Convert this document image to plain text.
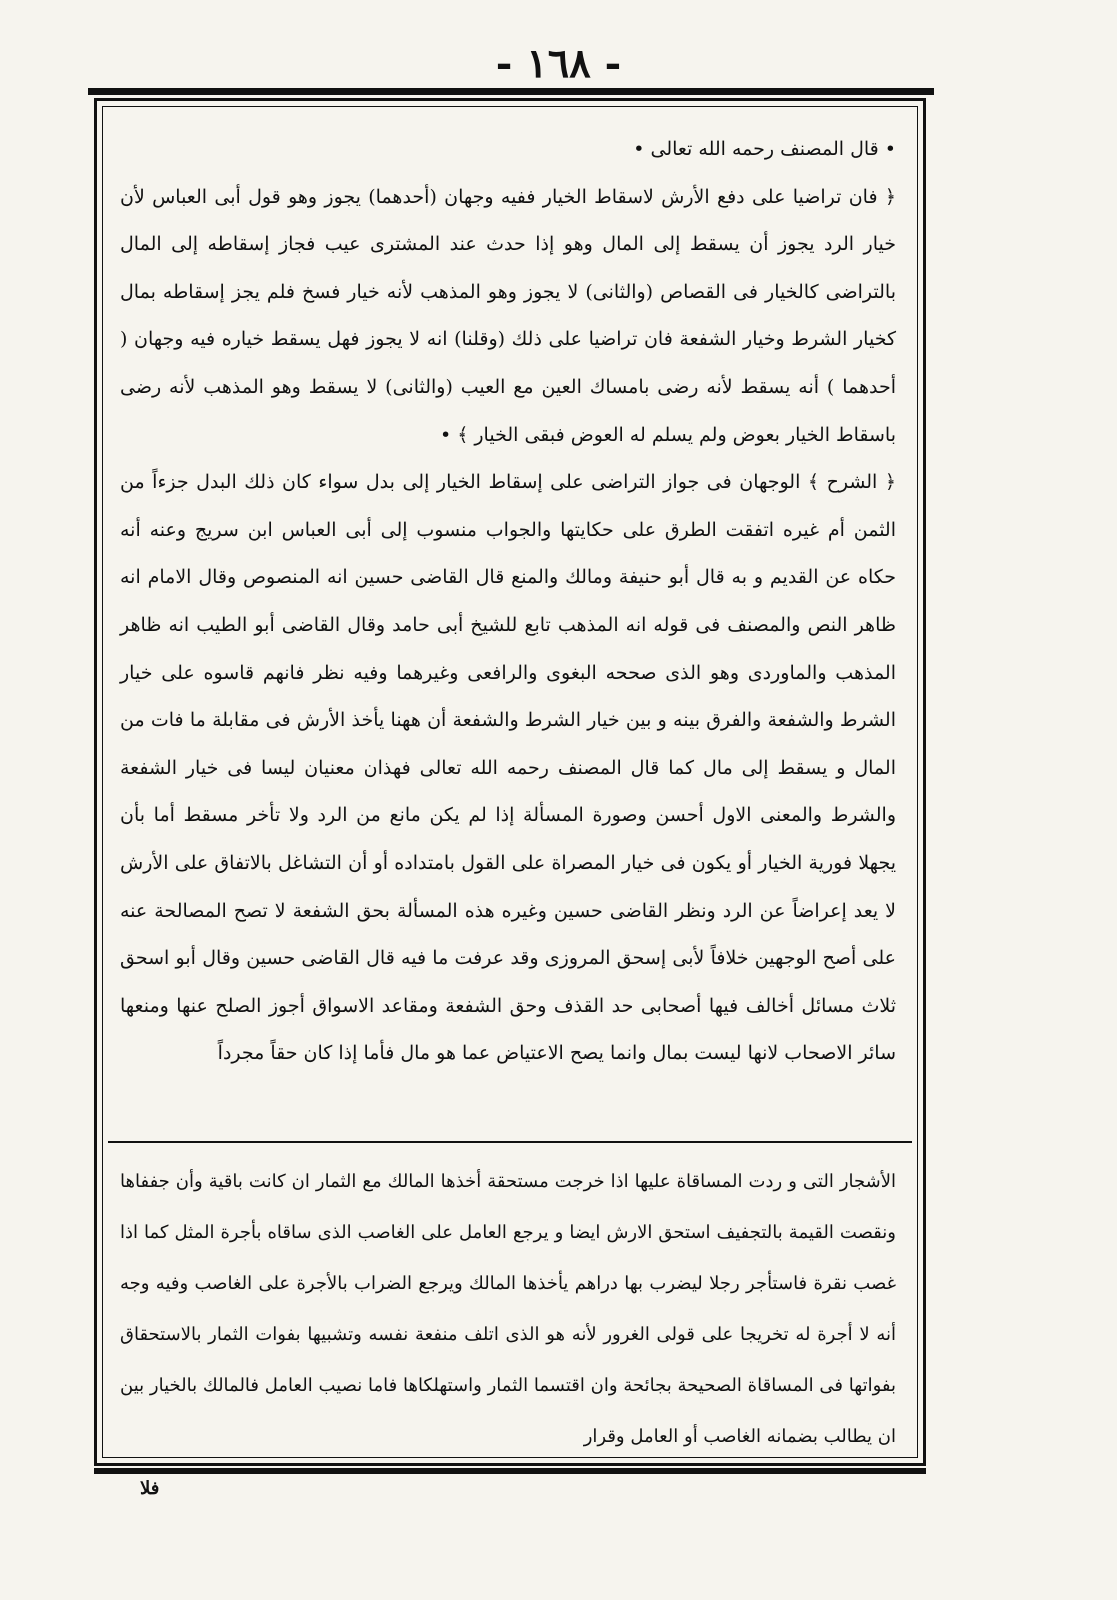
- ١٦٨ -

• قال المصنف رحمه الله تعالى •

﴿ فان تراضيا على دفع الأرش لاسقاط الخيار ففيه وجهان (أحدهما) يجوز وهو قول أبى العباس لأن خيار الرد يجوز أن يسقط إلى المال وهو إذا حدث عند المشترى عيب فجاز إسقاطه إلى المال بالتراضى كالخيار فى القصاص (والثانى) لا يجوز وهو المذهب لأنه خيار فسخ فلم يجز إسقاطه بمال كخيار الشرط وخيار الشفعة فان تراضيا على ذلك (وقلنا) انه لا يجوز فهل يسقط خياره فيه وجهان ( أحدهما ) أنه يسقط لأنه رضى بامساك العين مع العيب (والثانى) لا يسقط وهو المذهب لأنه رضى باسقاط الخيار بعوض ولم يسلم له العوض فبقى الخيار ﴾ •

﴿ الشرح ﴾ الوجهان فى جواز التراضى على إسقاط الخيار إلى بدل سواء كان ذلك البدل جزءاً من الثمن أم غيره اتفقت الطرق على حكايتها والجواب منسوب إلى أبى العباس ابن سريج وعنه أنه حكاه عن القديم و به قال أبو حنيفة ومالك والمنع قال القاضى حسين انه المنصوص وقال الامام انه ظاهر النص والمصنف فى قوله انه المذهب تابع للشيخ أبى حامد وقال القاضى أبو الطيب انه ظاهر المذهب والماوردى وهو الذى صححه البغوى والرافعى وغيرهما وفيه نظر فانهم قاسوه على خيار الشرط والشفعة والفرق بينه و بين خيار الشرط والشفعة أن ههنا يأخذ الأرش فى مقابلة ما فات من المال و يسقط إلى مال كما قال المصنف رحمه الله تعالى فهذان معنيان ليسا فى خيار الشفعة والشرط والمعنى الاول أحسن وصورة المسألة إذا لم يكن مانع من الرد ولا تأخر مسقط أما بأن يجهلا فورية الخيار أو يكون فى خيار المصراة على القول بامتداده أو أن التشاغل بالاتفاق على الأرش لا يعد إعراضاً عن الرد ونظر القاضى حسين وغيره هذه المسألة بحق الشفعة لا تصح المصالحة عنه على أصح الوجهين خلافاً لأبى إسحق المروزى وقد عرفت ما فيه قال القاضى حسين وقال أبو اسحق ثلاث مسائل أخالف فيها أصحابى حد القذف وحق الشفعة ومقاعد الاسواق أجوز الصلح عنها ومنعها سائر الاصحاب لانها ليست بمال وانما يصح الاعتياض عما هو مال فأما إذا كان حقاً مجرداً

الأشجار التى و ردت المساقاة عليها اذا خرجت مستحقة أخذها المالك مع الثمار ان كانت باقية وأن جففاها ونقصت القيمة بالتجفيف استحق الارش ايضا و يرجع العامل على الغاصب الذى ساقاه بأجرة المثل كما اذا غصب نقرة فاستأجر رجلا ليضرب بها دراهم يأخذها المالك ويرجع الضراب بالأجرة على الغاصب وفيه وجه أنه لا أجرة له تخريجا على قولى الغرور لأنه هو الذى اتلف منفعة نفسه وتشبيها بفوات الثمار بالاستحقاق بفواتها فى المساقاة الصحيحة بجائحة وان اقتسما الثمار واستهلكاها فاما نصيب العامل فالمالك بالخيار بين ان يطالب بضمانه الغاصب أو العامل وقرار

فلا
